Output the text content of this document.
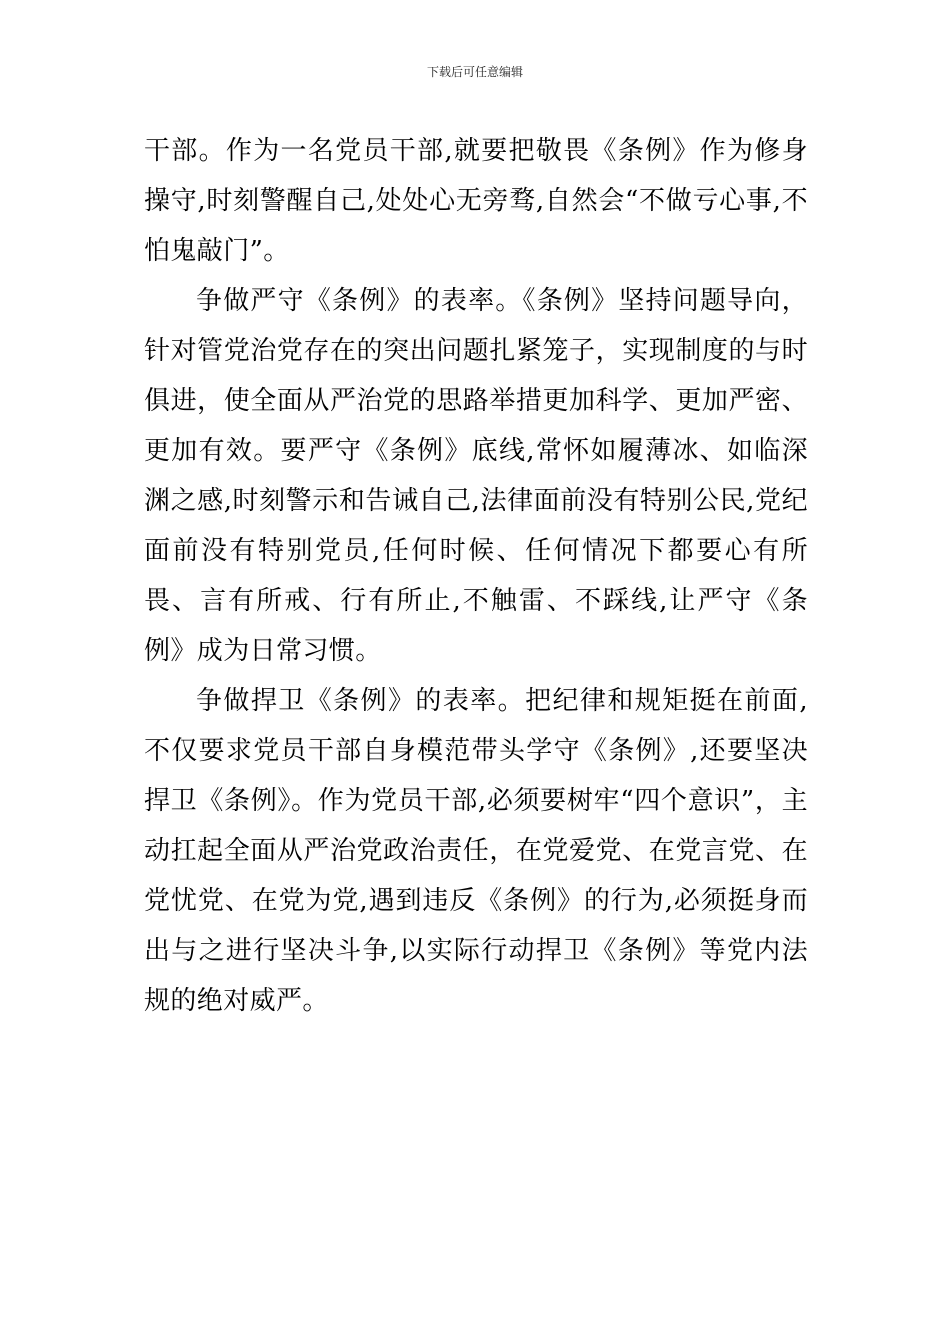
下载后可任意编辑

干部。作为一名党员干部,就要把敬畏《条例》作为修身操守,时刻警醒自己,处处心无旁骛,自然会“不做亏心事,不怕鬼敲门”。

争做严守《条例》的表率。《条例》坚持问题导向，针对管党治党存在的突出问题扎紧笼子，实现制度的与时俱进，使全面从严治党的思路举措更加科学、更加严密、更加有效。要严守《条例》底线,常怀如履薄冰、如临深渊之感,时刻警示和告诫自己,法律面前没有特别公民,党纪面前没有特别党员,任何时候、任何情况下都要心有所畏、言有所戒、行有所止,不触雷、不踩线,让严守《条例》成为日常习惯。

争做捍卫《条例》的表率。把纪律和规矩挺在前面,不仅要求党员干部自身模范带头学守《条例》,还要坚决捍卫《条例》。作为党员干部,必须要树牢“四个意识”，主动扛起全面从严治党政治责任，在党爱党、在党言党、在党忧党、在党为党,遇到违反《条例》的行为,必须挺身而出与之进行坚决斗争,以实际行动捍卫《条例》等党内法规的绝对威严。
